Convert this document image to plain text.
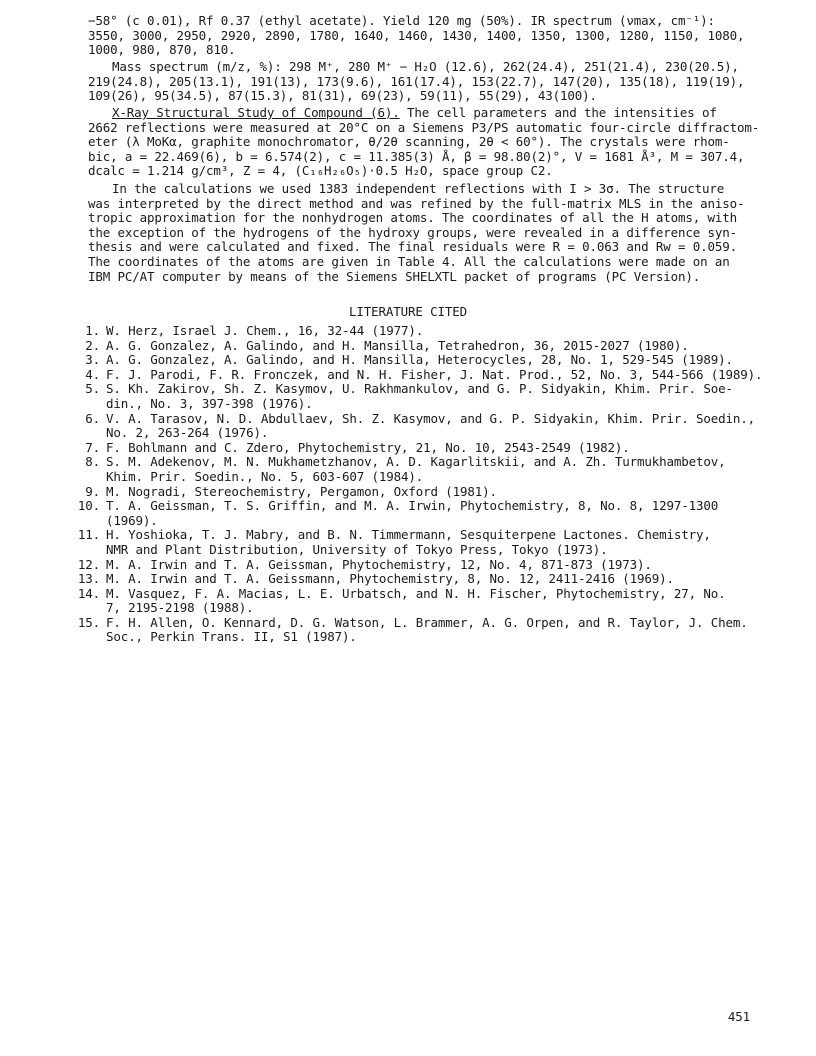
−58° (c 0.01), Rf 0.37 (ethyl acetate). Yield 120 mg (50%). IR spectrum (νmax, cm⁻¹):
3550, 3000, 2950, 2920, 2890, 1780, 1640, 1460, 1430, 1400, 1350, 1300, 1280, 1150, 1080,
1000, 980, 870, 810.
Mass spectrum (m/z, %): 298 M⁺, 280 M⁺ − H₂O (12.6), 262(24.4), 251(21.4), 230(20.5),
219(24.8), 205(13.1), 191(13), 173(9.6), 161(17.4), 153(22.7), 147(20), 135(18), 119(19),
109(26), 95(34.5), 87(15.3), 81(31), 69(23), 59(11), 55(29), 43(100).
X-Ray Structural Study of Compound (6). The cell parameters and the intensities of
2662 reflections were measured at 20°C on a Siemens P3/PS automatic four-circle diffractom-
eter (λ MoKα, graphite monochromator, θ/2θ scanning, 2θ < 60°). The crystals were rhom-
bic, a = 22.469(6), b = 6.574(2), c = 11.385(3) Å, β = 98.80(2)°, V = 1681 Å³, M = 307.4,
dcalc = 1.214 g/cm³, Z = 4, (C₁₆H₂₆O₅)·0.5 H₂O, space group C2.
In the calculations we used 1383 independent reflections with I > 3σ. The structure
was interpreted by the direct method and was refined by the full-matrix MLS in the aniso-
tropic approximation for the nonhydrogen atoms. The coordinates of all the H atoms, with
the exception of the hydrogens of the hydroxy groups, were revealed in a difference syn-
thesis and were calculated and fixed. The final residuals were R = 0.063 and Rw = 0.059.
The coordinates of the atoms are given in Table 4. All the calculations were made on an
IBM PC/AT computer by means of the Siemens SHELXTL packet of programs (PC Version).
LITERATURE CITED
1. W. Herz, Israel J. Chem., 16, 32-44 (1977).
2. A. G. Gonzalez, A. Galindo, and H. Mansilla, Tetrahedron, 36, 2015-2027 (1980).
3. A. G. Gonzalez, A. Galindo, and H. Mansilla, Heterocycles, 28, No. 1, 529-545 (1989).
4. F. J. Parodi, F. R. Fronczek, and N. H. Fisher, J. Nat. Prod., 52, No. 3, 544-566 (1989).
5. S. Kh. Zakirov, Sh. Z. Kasymov, U. Rakhmankulov, and G. P. Sidyakin, Khim. Prir. Soe-
din., No. 3, 397-398 (1976).
6. V. A. Tarasov, N. D. Abdullaev, Sh. Z. Kasymov, and G. P. Sidyakin, Khim. Prir. Soedin.,
No. 2, 263-264 (1976).
7. F. Bohlmann and C. Zdero, Phytochemistry, 21, No. 10, 2543-2549 (1982).
8. S. M. Adekenov, M. N. Mukhametzhanov, A. D. Kagarlitskii, and A. Zh. Turmukhambetov,
Khim. Prir. Soedin., No. 5, 603-607 (1984).
9. M. Nogradi, Stereochemistry, Pergamon, Oxford (1981).
10. T. A. Geissman, T. S. Griffin, and M. A. Irwin, Phytochemistry, 8, No. 8, 1297-1300
(1969).
11. H. Yoshioka, T. J. Mabry, and B. N. Timmermann, Sesquiterpene Lactones. Chemistry,
NMR and Plant Distribution, University of Tokyo Press, Tokyo (1973).
12. M. A. Irwin and T. A. Geissman, Phytochemistry, 12, No. 4, 871-873 (1973).
13. M. A. Irwin and T. A. Geissmann, Phytochemistry, 8, No. 12, 2411-2416 (1969).
14. M. Vasquez, F. A. Macias, L. E. Urbatsch, and N. H. Fischer, Phytochemistry, 27, No.
7, 2195-2198 (1988).
15. F. H. Allen, O. Kennard, D. G. Watson, L. Brammer, A. G. Orpen, and R. Taylor, J. Chem.
Soc., Perkin Trans. II, S1 (1987).
451
